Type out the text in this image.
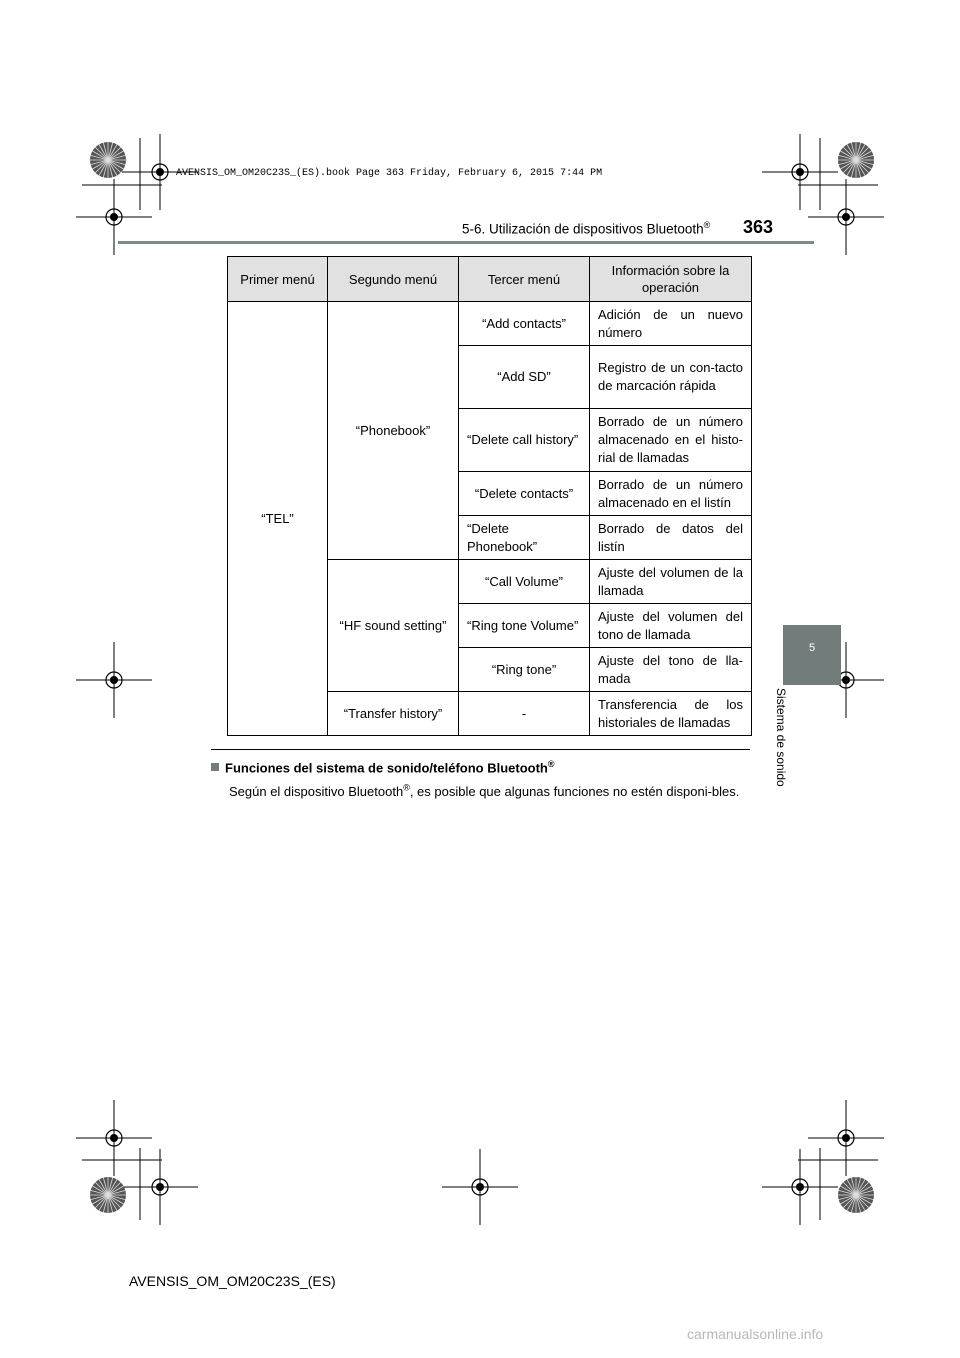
AVENSIS_OM_OM20C23S_(ES).book Page 363 Friday, February 6, 2015 7:44 PM
5-6. Utilización de dispositivos Bluetooth® 363
5
Sistema de sonido
Primer menú	Segundo menú	Tercer menú	Información sobre la operación
“TEL”	“Phonebook”	“Add contacts”	Adición de un nuevo número
		“Add SD”	Registro de un con-tacto de marcación rápida
		“Delete call history”	Borrado de un número almacenado en el histo-rial de llamadas
		“Delete contacts”	Borrado de un número almacenado en el listín
		“Delete Phonebook”	Borrado de datos del listín
	“HF sound setting”	“Call Volume”	Ajuste del volumen de la llamada
		“Ring tone Volume”	Ajuste del volumen del tono de llamada
		“Ring tone”	Ajuste del tono de lla-mada
	“Transfer history”	-	Transferencia de los historiales de llamadas
Funciones del sistema de sonido/teléfono Bluetooth®
Según el dispositivo Bluetooth®, es posible que algunas funciones no estén disponi-bles.
AVENSIS_OM_OM20C23S_(ES)
carmanualsonline.info
